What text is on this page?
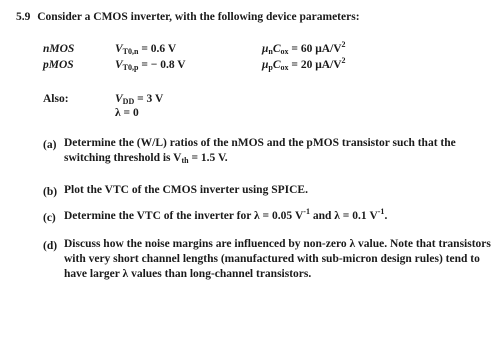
5.9 Consider a CMOS inverter, with the following device parameters:
nMOS	$V_{T0,n} = 0.6$ V	$\mu_nC_{ox} = 60$ $\mu A/V^2$
pMOS	$V_{T0,p}$ = − 0.8 V	$\mu_pC_{ox} = 20$ $\mu A/V^2$
Also:	$V_{DD} = 3$ V
λ = 0
(a) Determine the (W/L) ratios of the nMOS and the pMOS transistor such that the switching threshold is $V_{th} = 1.5$ V.
(b) Plot the VTC of the CMOS inverter using SPICE.
(c) Determine the VTC of the inverter for λ = 0.05 $V^{-1}$ and λ = 0.1 $V^{-1}$.
(d) Discuss how the noise margins are influenced by non-zero λ value. Note that transistors with very short channel lengths (manufactured with sub-micron design rules) tend to have larger λ values than long-channel transistors.
